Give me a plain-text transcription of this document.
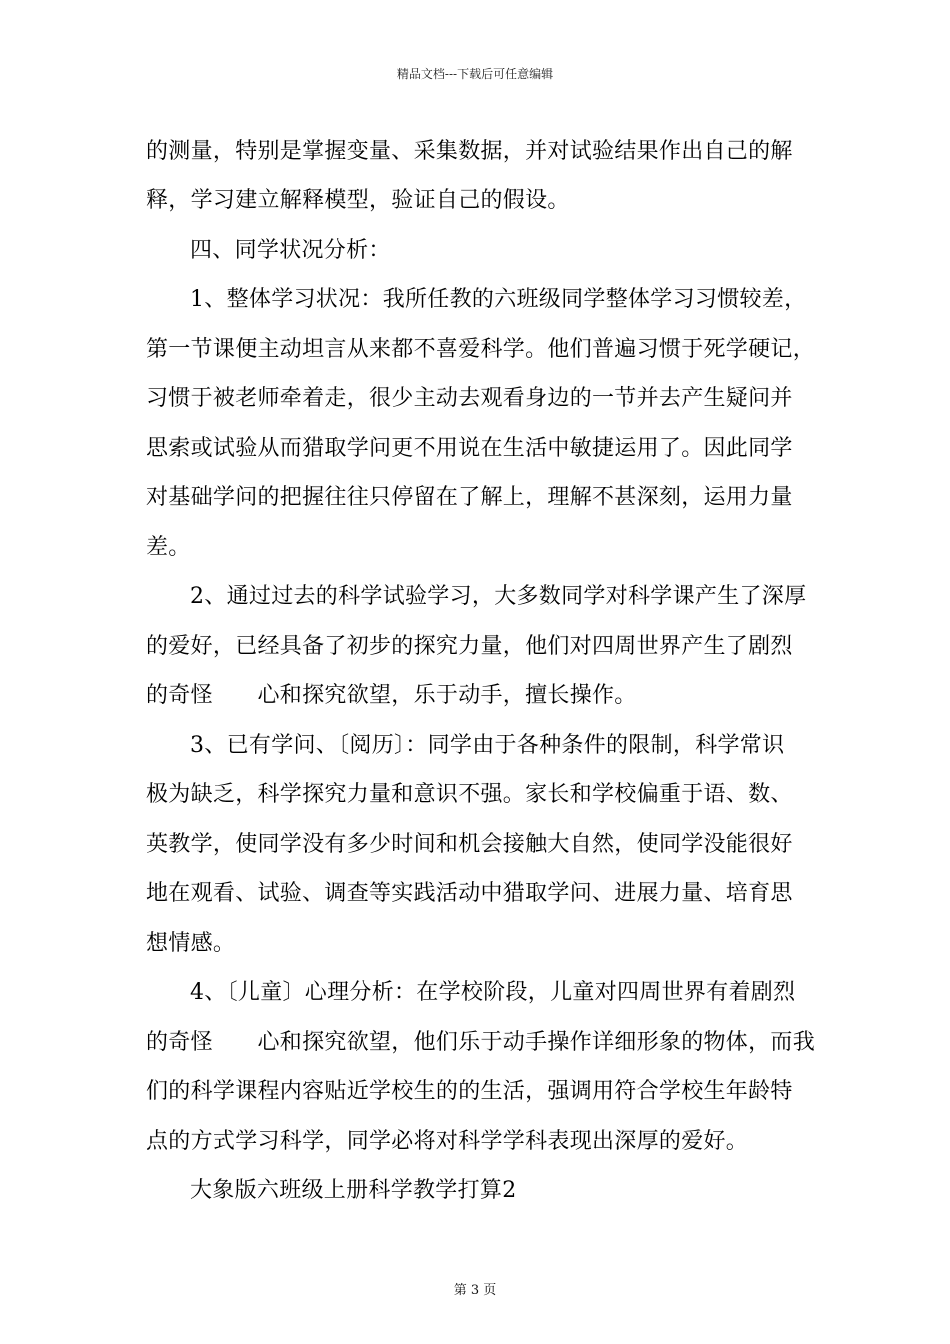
精品文档---下载后可任意编辑
的测量，特别是掌握变量、采集数据，并对试验结果作出自己的解
释，学习建立解释模型，验证自己的假设。
四、同学状况分析：
1、整体学习状况：我所任教的六班级同学整体学习习惯较差，
第一节课便主动坦言从来都不喜爱科学。他们普遍习惯于死学硬记，
习惯于被老师牵着走，很少主动去观看身边的一节并去产生疑问并
思索或试验从而猎取学问更不用说在生活中敏捷运用了。因此同学
对基础学问的把握往往只停留在了解上，理解不甚深刻，运用力量
差。
2、通过过去的科学试验学习，大多数同学对科学课产生了深厚
的爱好，已经具备了初步的探究力量，他们对四周世界产生了剧烈
的奇怪　　心和探究欲望，乐于动手，擅长操作。
3、已有学问、〔阅历〕：同学由于各种条件的限制，科学常识
极为缺乏，科学探究力量和意识不强。家长和学校偏重于语、数、
英教学，使同学没有多少时间和机会接触大自然，使同学没能很好
地在观看、试验、调查等实践活动中猎取学问、进展力量、培育思
想情感。
4、〔儿童〕心理分析：在学校阶段，儿童对四周世界有着剧烈
的奇怪　　心和探究欲望，他们乐于动手操作详细形象的物体，而我
们的科学课程内容贴近学校生的的生活，强调用符合学校生年龄特
点的方式学习科学，同学必将对科学学科表现出深厚的爱好。
大象版六班级上册科学教学打算2
第 3 页
